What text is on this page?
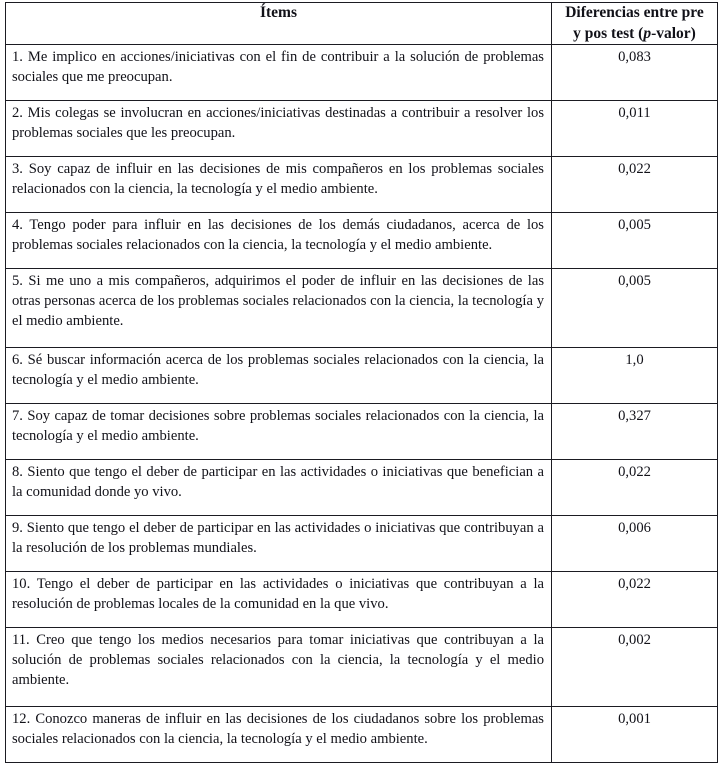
Ítems	Diferencias entre pre
y pos test (p-valor)

1. Me implico en acciones/iniciativas con el fin de contribuir a la solución de problemas sociales que me preocupan.	0,083

2. Mis colegas se involucran en acciones/iniciativas destinadas a contribuir a resolver los problemas sociales que les preocupan.	0,011

3. Soy capaz de influir en las decisiones de mis compañeros en los problemas sociales relacionados con la ciencia, la tecnología y el medio ambiente.	0,022

4. Tengo poder para influir en las decisiones de los demás ciudadanos, acerca de los problemas sociales relacionados con la ciencia, la tecnología y el medio ambiente.	0,005

5. Si me uno a mis compañeros, adquirimos el poder de influir en las decisiones de las otras personas acerca de los problemas sociales relacionados con la ciencia, la tecnología y el medio ambiente.	0,005

6. Sé buscar información acerca de los problemas sociales relacionados con la ciencia, la tecnología y el medio ambiente.	1,0

7. Soy capaz de tomar decisiones sobre problemas sociales relacionados con la ciencia, la tecnología y el medio ambiente.	0,327

8. Siento que tengo el deber de participar en las actividades o iniciativas que benefician a la comunidad donde yo vivo.	0,022

9. Siento que tengo el deber de participar en las actividades o iniciativas que contribuyan a la resolución de los problemas mundiales.	0,006

10. Tengo el deber de participar en las actividades o iniciativas que contribuyan a la resolución de problemas locales de la comunidad en la que vivo.	0,022

11. Creo que tengo los medios necesarios para tomar iniciativas que contribuyan a la solución de problemas sociales relacionados con la ciencia, la tecnología y el medio ambiente.	0,002

12. Conozco maneras de influir en las decisiones de los ciudadanos sobre los problemas sociales relacionados con la ciencia, la tecnología y el medio ambiente.	0,001
